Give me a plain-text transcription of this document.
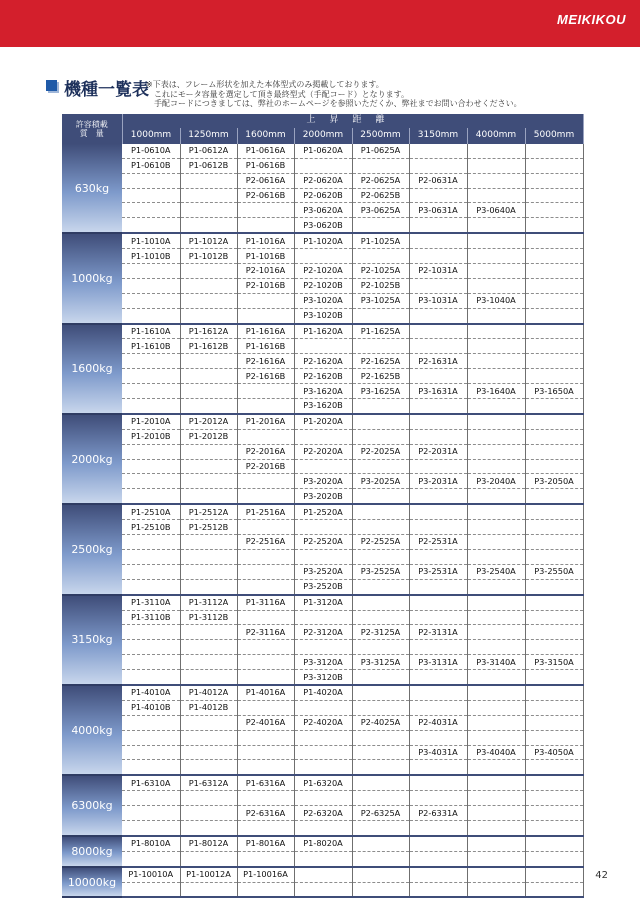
MEIKIKOU
機種一覧表
※下表は、フレーム形状を加えた本体型式のみ掲載しております。
これにモータ容量を選定して頂き最終型式（手配コード）となります。
手配コードにつきましては、弊社のホームページを参照いただくか、弊社までお問い合わせください。
許容積載
質　量	上昇距離							
	1000mm	1250mm	1600mm	2000mm	2500mm	3150mm	4000mm	5000mm
630kg	P1-0610A	P1-0612A	P1-0616A	P1-0620A	P1-0625A			
	P1-0610B	P1-0612B	P1-0616B					
			P2-0616A	P2-0620A	P2-0625A	P2-0631A		
			P2-0616B	P2-0620B	P2-0625B			
				P3-0620A	P3-0625A	P3-0631A	P3-0640A	
				P3-0620B				
1000kg	P1-1010A	P1-1012A	P1-1016A	P1-1020A	P1-1025A			
	P1-1010B	P1-1012B	P1-1016B					
			P2-1016A	P2-1020A	P2-1025A	P2-1031A		
			P2-1016B	P2-1020B	P2-1025B			
				P3-1020A	P3-1025A	P3-1031A	P3-1040A	
				P3-1020B				
1600kg	P1-1610A	P1-1612A	P1-1616A	P1-1620A	P1-1625A			
	P1-1610B	P1-1612B	P1-1616B					
			P2-1616A	P2-1620A	P2-1625A	P2-1631A		
			P2-1616B	P2-1620B	P2-1625B			
				P3-1620A	P3-1625A	P3-1631A	P3-1640A	P3-1650A
				P3-1620B				
2000kg	P1-2010A	P1-2012A	P1-2016A	P1-2020A				
	P1-2010B	P1-2012B						
			P2-2016A	P2-2020A	P2-2025A	P2-2031A		
			P2-2016B					
				P3-2020A	P3-2025A	P3-2031A	P3-2040A	P3-2050A
				P3-2020B				
2500kg	P1-2510A	P1-2512A	P1-2516A	P1-2520A				
	P1-2510B	P1-2512B						
			P2-2516A	P2-2520A	P2-2525A	P2-2531A		

				P3-2520A	P3-2525A	P3-2531A	P3-2540A	P3-2550A
				P3-2520B				
3150kg	P1-3110A	P1-3112A	P1-3116A	P1-3120A				
	P1-3110B	P1-3112B						
			P2-3116A	P2-3120A	P2-3125A	P2-3131A		

				P3-3120A	P3-3125A	P3-3131A	P3-3140A	P3-3150A
				P3-3120B				
4000kg	P1-4010A	P1-4012A	P1-4016A	P1-4020A				
	P1-4010B	P1-4012B						
			P2-4016A	P2-4020A	P2-4025A	P2-4031A		

						P3-4031A	P3-4040A	P3-4050A

6300kg	P1-6310A	P1-6312A	P1-6316A	P1-6320A				

			P2-6316A	P2-6320A	P2-6325A	P2-6331A		

8000kg	P1-8010A	P1-8012A	P1-8016A	P1-8020A				

10000kg	P1-10010A	P1-10012A	P1-10016A					
								42
